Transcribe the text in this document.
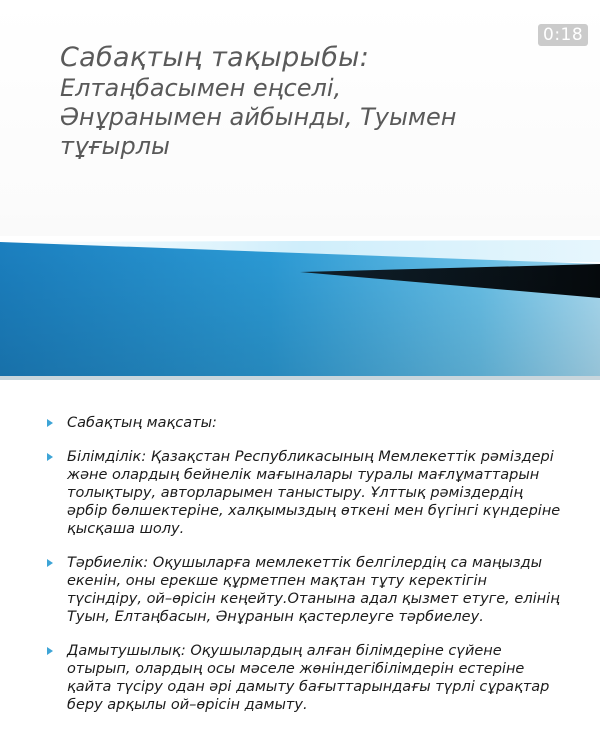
Сабақтың тақырыбы:

Елтаңбасымен еңселі, Әнұранымен айбынды, Туымен тұғырлы

0:18
Сабақтың мақсаты:
Білімділік: Қазақстан Республикасының Мемлекеттік рәміздері және олардың бейнелік мағыналары туралы мағлұматтарын толықтыру, авторларымен таныстыру. Ұлттық рәміздердің әрбір бөлшектеріне, халқымыздың өткені мен бүгінгі күндеріне қысқаша шолу.
Тәрбиелік: Оқушыларға мемлекеттік белгілердің са маңызды екенін, оны ерекше құрметпен мақтан тұту керектігін түсіндіру, ой–өрісін кеңейту.Отанына адал қызмет етуге, елінің Туын, Елтаңбасын, Әнұранын қастерлеуге тәрбиелеу.
Дамытушылық: Оқушылардың алған білімдеріне сүйене отырып, олардың осы мәселе жөніндегібілімдерін естеріне қайта түсіру одан әрі дамыту бағыттарындағы түрлі сұрақтар беру арқылы ой–өрісін дамыту.
